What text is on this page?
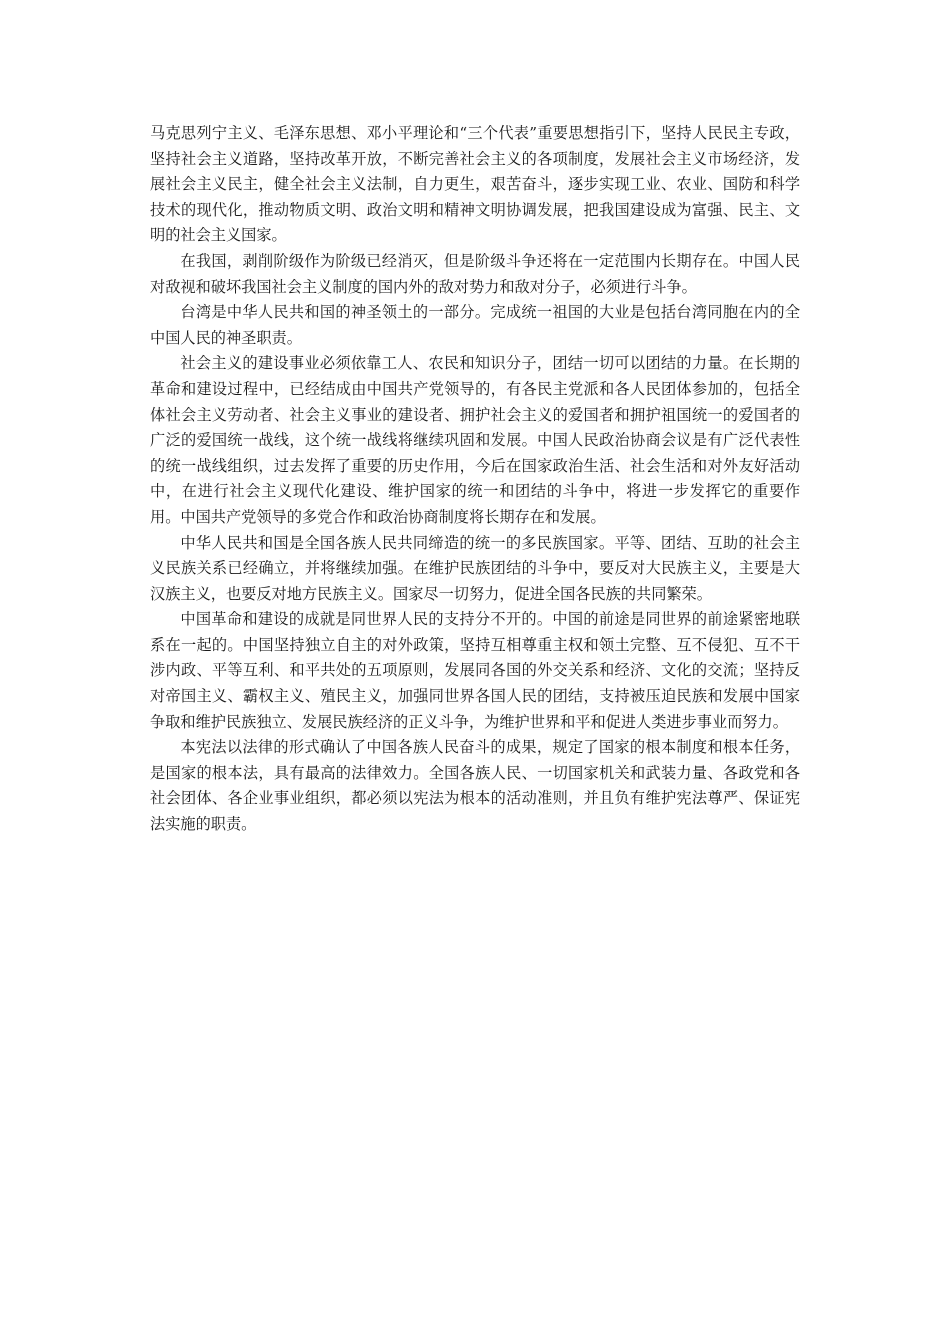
马克思列宁主义、毛泽东思想、邓小平理论和“三个代表”重要思想指引下，坚持人民民主专政，坚持社会主义道路，坚持改革开放，不断完善社会主义的各项制度，发展社会主义市场经济，发展社会主义民主，健全社会主义法制，自力更生，艰苦奋斗，逐步实现工业、农业、国防和科学技术的现代化，推动物质文明、政治文明和精神文明协调发展，把我国建设成为富强、民主、文明的社会主义国家。

在我国，剥削阶级作为阶级已经消灭，但是阶级斗争还将在一定范围内长期存在。中国人民对敌视和破坏我国社会主义制度的国内外的敌对势力和敌对分子，必须进行斗争。

台湾是中华人民共和国的神圣领土的一部分。完成统一祖国的大业是包括台湾同胞在内的全中国人民的神圣职责。

社会主义的建设事业必须依靠工人、农民和知识分子，团结一切可以团结的力量。在长期的革命和建设过程中，已经结成由中国共产党领导的，有各民主党派和各人民团体参加的，包括全体社会主义劳动者、社会主义事业的建设者、拥护社会主义的爱国者和拥护祖国统一的爱国者的广泛的爱国统一战线，这个统一战线将继续巩固和发展。中国人民政治协商会议是有广泛代表性的统一战线组织，过去发挥了重要的历史作用，今后在国家政治生活、社会生活和对外友好活动中，在进行社会主义现代化建设、维护国家的统一和团结的斗争中，将进一步发挥它的重要作用。中国共产党领导的多党合作和政治协商制度将长期存在和发展。

中华人民共和国是全国各族人民共同缔造的统一的多民族国家。平等、团结、互助的社会主义民族关系已经确立，并将继续加强。在维护民族团结的斗争中，要反对大民族主义，主要是大汉族主义，也要反对地方民族主义。国家尽一切努力，促进全国各民族的共同繁荣。

中国革命和建设的成就是同世界人民的支持分不开的。中国的前途是同世界的前途紧密地联系在一起的。中国坚持独立自主的对外政策，坚持互相尊重主权和领土完整、互不侵犯、互不干涉内政、平等互利、和平共处的五项原则，发展同各国的外交关系和经济、文化的交流；坚持反对帝国主义、霸权主义、殖民主义，加强同世界各国人民的团结，支持被压迫民族和发展中国家争取和维护民族独立、发展民族经济的正义斗争，为维护世界和平和促进人类进步事业而努力。

本宪法以法律的形式确认了中国各族人民奋斗的成果，规定了国家的根本制度和根本任务，是国家的根本法，具有最高的法律效力。全国各族人民、一切国家机关和武装力量、各政党和各社会团体、各企业事业组织，都必须以宪法为根本的活动准则，并且负有维护宪法尊严、保证宪法实施的职责。
